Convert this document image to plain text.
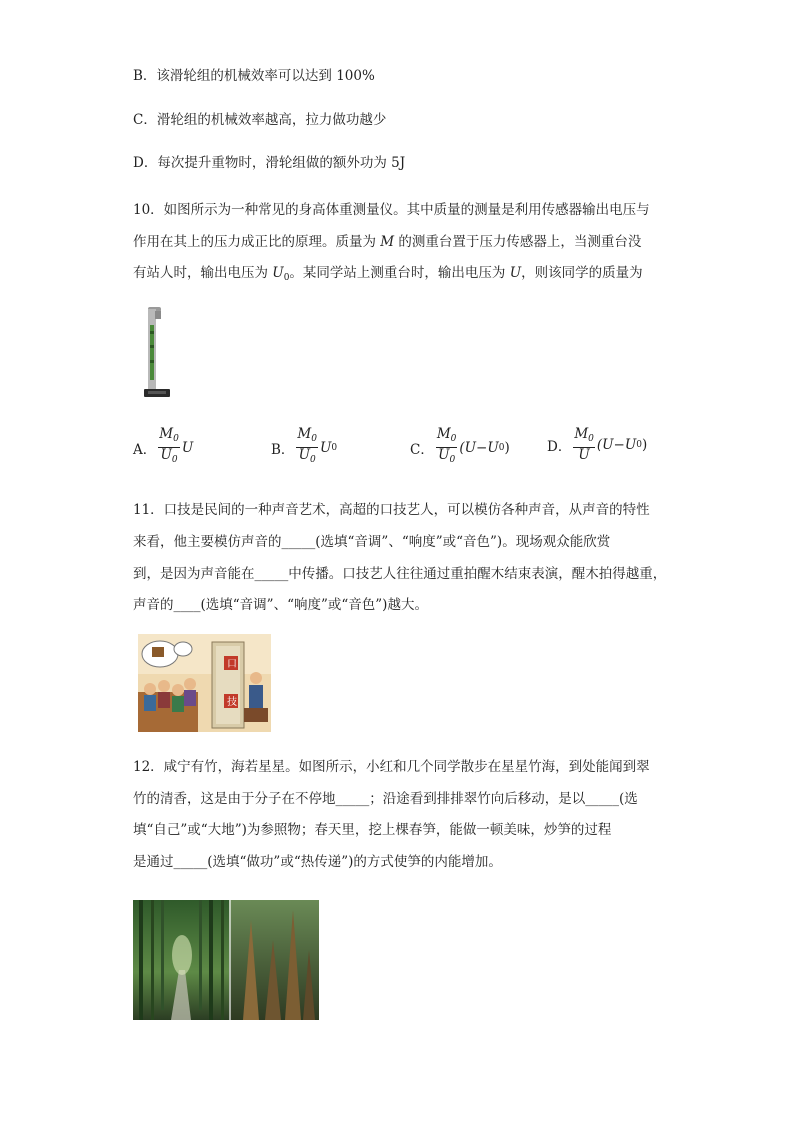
B．该滑轮组的机械效率可以达到 100%
C．滑轮组的机械效率越高，拉力做功越少
D．每次提升重物时，滑轮组做的额外功为 5J
10．如图所示为一种常见的身高体重测量仪。其中质量的测量是利用传感器输出电压与
作用在其上的压力成正比的原理。质量为 M 的测重台置于压力传感器上，当测重台没
有站人时，输出电压为 $U_0$。某同学站上测重台时，输出电压为 U，则该同学的质量为
A． $\frac{M_0}{U_0}$ U	B． $\frac{M_0}{U_0}$ U 0	C． $\frac{M_0}{U_0} (U-U$ 0 )	D． $\frac{M_0}{U} (U-U$ 0 )
11．口技是民间的一种声音艺术，高超的口技艺人，可以模仿各种声音，从声音的特性
来看，他主要模仿声音的_____(选填“音调”、“响度”或“音色”)。现场观众能欣赏
到，是因为声音能在_____中传播。口技艺人往往通过重拍醒木结束表演，醒木拍得越重，
声音的____(选填“音调”、“响度”或“音色”)越大。
口
技
12．咸宁有竹，海若星星。如图所示，小红和几个同学散步在星星竹海，到处能闻到翠
竹的清香，这是由于分子在不停地_____；沿途看到排排翠竹向后移动，是以_____(选
填“自己”或“大地”)为参照物；春天里，挖上棵春笋，能做一顿美味，炒笋的过程
是通过_____(选填“做功”或“热传递”)的方式使笋的内能增加。
